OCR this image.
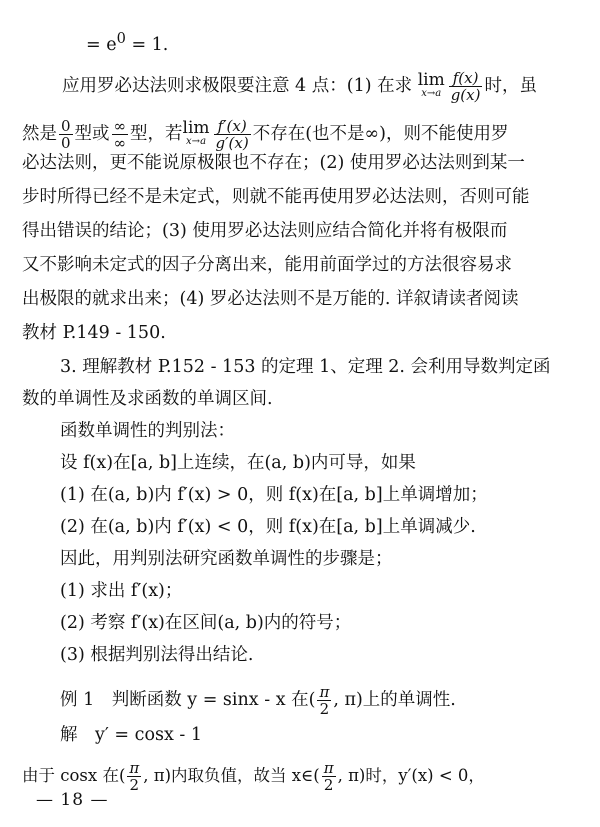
= $e^0 = 1$.
应用罗必达法则求极限要注意 4 点：(1) 在求 lim
$x\to a \frac{f(x)}{g(x)}$ 时，虽
然是 $\frac{0}{0}$ 型或 $\frac{\infty}{\infty}$ 型，若 lim
$x\to a \frac{f'(x)}{g'(x)}$ 不存在(也不是∞)，则不能使用罗
必达法则，更不能说原极限也不存在；(2) 使用罗必达法则到某一
步时所得已经不是未定式，则就不能再使用罗必达法则，否则可能
得出错误的结论；(3) 使用罗必达法则应结合简化并将有极限而
又不影响未定式的因子分离出来，能用前面学过的方法很容易求
出极限的就求出来；(4) 罗必达法则不是万能的. 详叙请读者阅读
教材 P.149 - 150.
3. 理解教材 P.152 - 153 的定理 1、定理 2. 会利用导数判定函
数的单调性及求函数的单调区间.
函数单调性的判别法：
设 f(x)在[a, b]上连续，在(a, b)内可导，如果
(1) 在(a, b)内 f′(x) > 0，则 f(x)在[a, b]上单调增加；
(2) 在(a, b)内 f′(x) < 0，则 f(x)在[a, b]上单调减少.
因此，用判别法研究函数单调性的步骤是；
(1) 求出 f′(x)；
(2) 考察 f′(x)在区间(a, b)内的符号；
(3) 根据判别法得出结论.
例 1　判断函数 y = sinx - x 在( $\frac{\pi}{2}$ , π)上的单调性.
解　y′ = cosx - 1
由于 cosx 在( $\frac{\pi}{2}$ , π)内取负值，故当 x∈( $\frac{\pi}{2}$ , π)时，y′(x) < 0，
— 18 —
